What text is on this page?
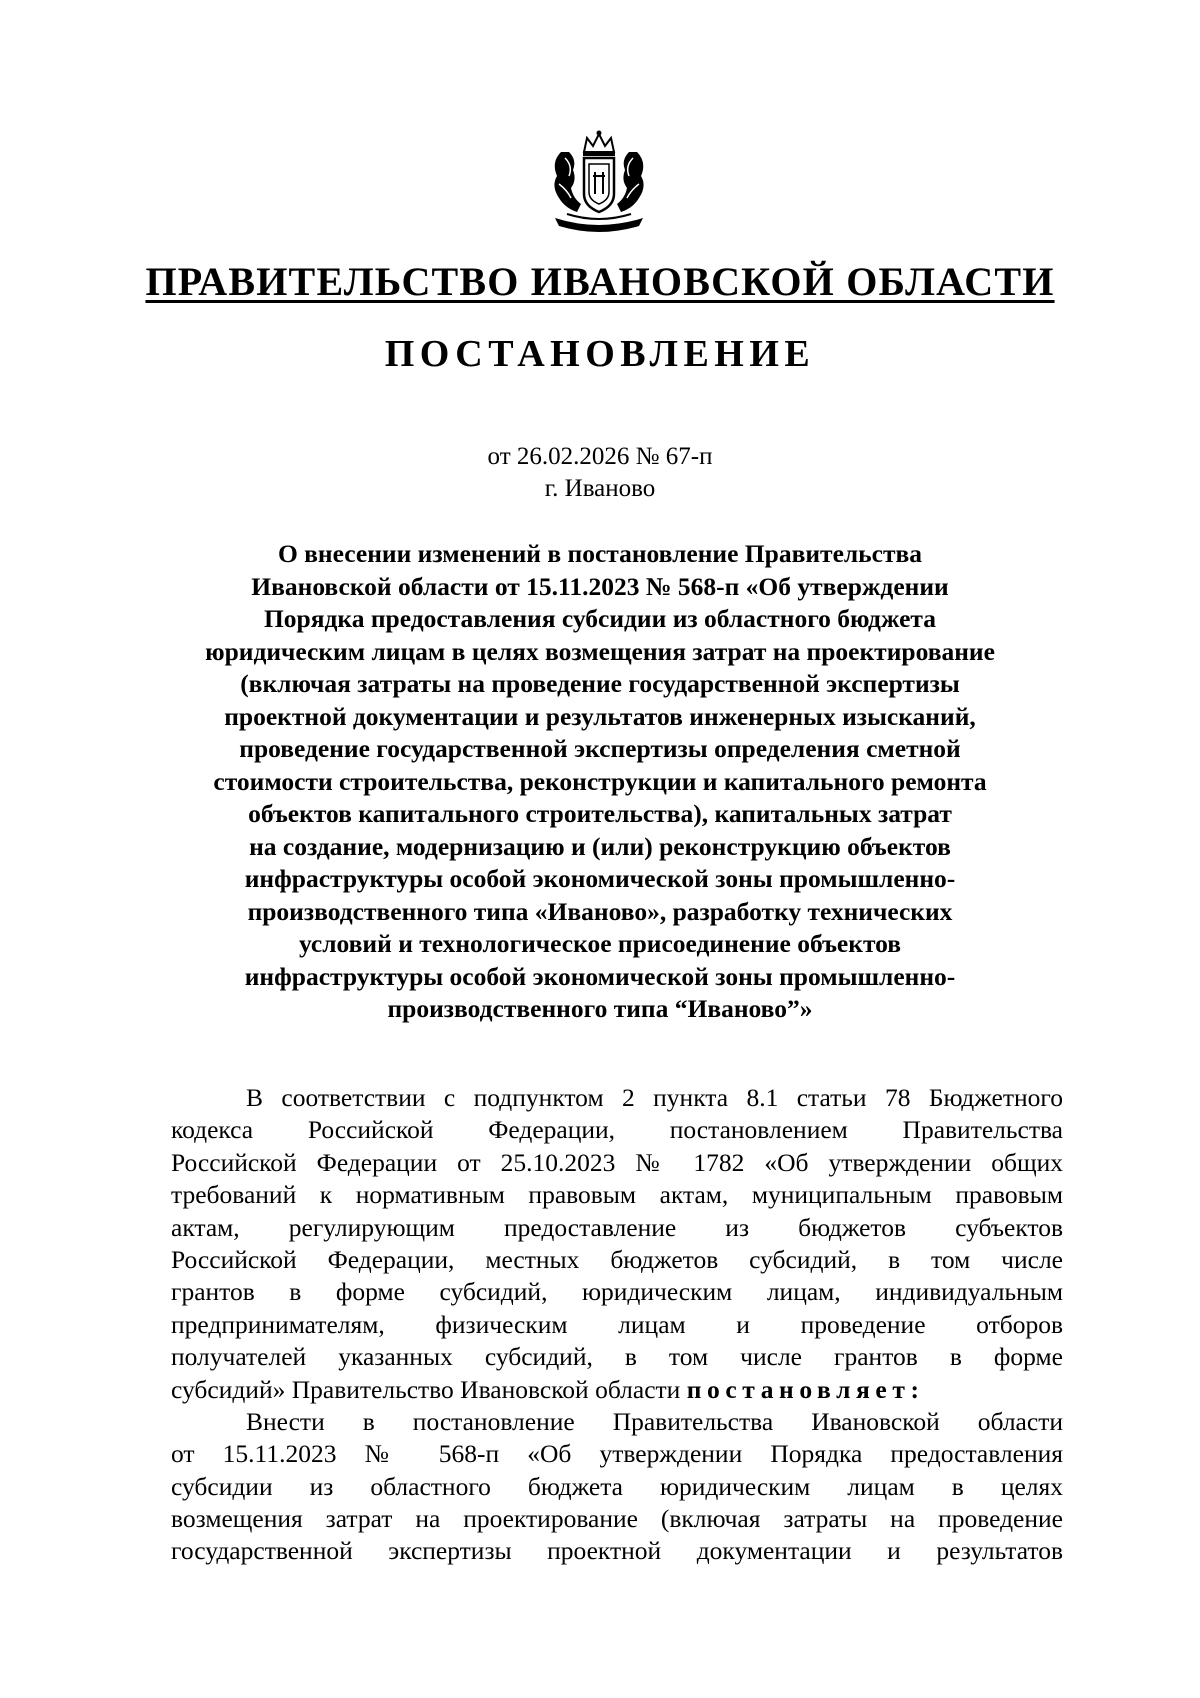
ПРАВИТЕЛЬСТВО ИВАНОВСКОЙ ОБЛАСТИ
ПОСТАНОВЛЕНИЕ
от 26.02.2026 № 67-п
г. Иваново
О внесении изменений в постановление Правительства
Ивановской области от 15.11.2023 № 568-п «Об утверждении
Порядка предоставления субсидии из областного бюджета
юридическим лицам в целях возмещения затрат на проектирование
(включая затраты на проведение государственной экспертизы
проектной документации и результатов инженерных изысканий,
проведение государственной экспертизы определения сметной
стоимости строительства, реконструкции и капитального ремонта
объектов капитального строительства), капитальных затрат
на создание, модернизацию и (или) реконструкцию объектов
инфраструктуры особой экономической зоны промышленно-
производственного типа «Иваново», разработку технических
условий и технологическое присоединение объектов
инфраструктуры особой экономической зоны промышленно-
производственного типа “Иваново”»
В соответствии с подпунктом 2 пункта 8.1 статьи 78 Бюджетного
кодекса Российской Федерации, постановлением Правительства
Российской Федерации от 25.10.2023 № 1782 «Об утверждении общих
требований к нормативным правовым актам, муниципальным правовым
актам, регулирующим предоставление из бюджетов субъектов
Российской Федерации, местных бюджетов субсидий, в том числе
грантов в форме субсидий, юридическим лицам, индивидуальным
предпринимателям, физическим лицам и проведение отборов
получателей указанных субсидий, в том числе грантов в форме
субсидий» Правительство Ивановской области постановляет:
Внести в постановление Правительства Ивановской области
от 15.11.2023 № 568-п «Об утверждении Порядка предоставления
субсидии из областного бюджета юридическим лицам в целях
возмещения затрат на проектирование (включая затраты на проведение
государственной экспертизы проектной документации и результатов
